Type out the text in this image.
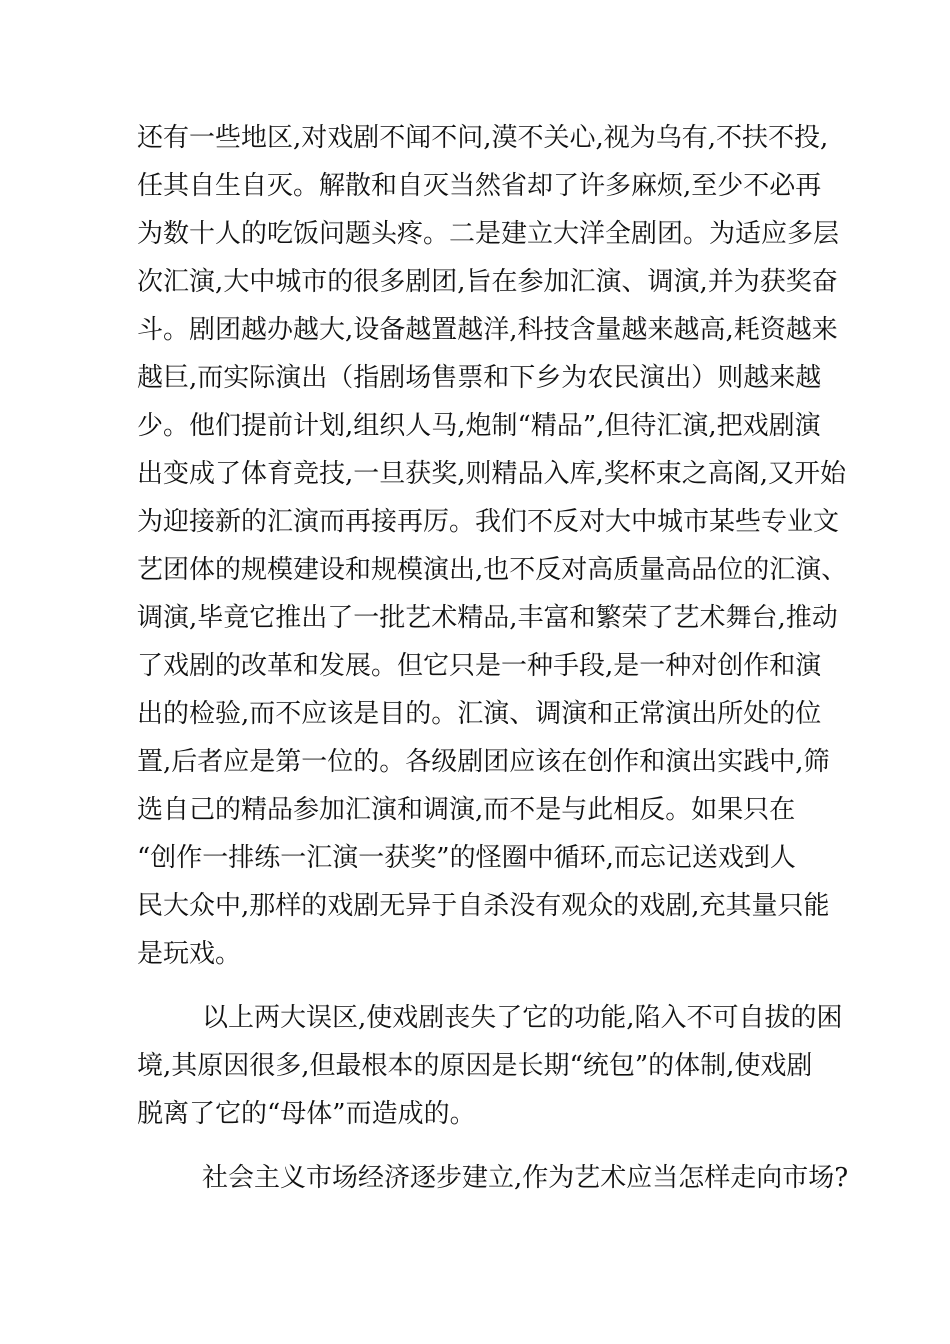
还有一些地区,对戏剧不闻不问,漠不关心,视为乌有,不扶不投,
任其自生自灭。解散和自灭当然省却了许多麻烦,至少不必再
为数十人的吃饭问题头疼。二是建立大洋全剧团。为适应多层
次汇演,大中城市的很多剧团,旨在参加汇演、调演,并为获奖奋
斗。剧团越办越大,设备越置越洋,科技含量越来越高,耗资越来
越巨,而实际演出（指剧场售票和下乡为农民演出）则越来越
少。他们提前计划,组织人马,炮制“精品”,但待汇演,把戏剧演
出变成了体育竞技,一旦获奖,则精品入库,奖杯束之高阁,又开始
为迎接新的汇演而再接再厉。我们不反对大中城市某些专业文
艺团体的规模建设和规模演出,也不反对高质量高品位的汇演、
调演,毕竟它推出了一批艺术精品,丰富和繁荣了艺术舞台,推动
了戏剧的改革和发展。但它只是一种手段,是一种对创作和演
出的检验,而不应该是目的。汇演、调演和正常演出所处的位
置,后者应是第一位的。各级剧团应该在创作和演出实践中,筛
选自己的精品参加汇演和调演,而不是与此相反。如果只在
“创作一排练一汇演一获奖”的怪圈中循环,而忘记送戏到人
民大众中,那样的戏剧无异于自杀没有观众的戏剧,充其量只能
是玩戏。
以上两大误区,使戏剧丧失了它的功能,陷入不可自拔的困
境,其原因很多,但最根本的原因是长期“统包”的体制,使戏剧
脱离了它的“母体”而造成的。
社会主义市场经济逐步建立,作为艺术应当怎样走向市场?
